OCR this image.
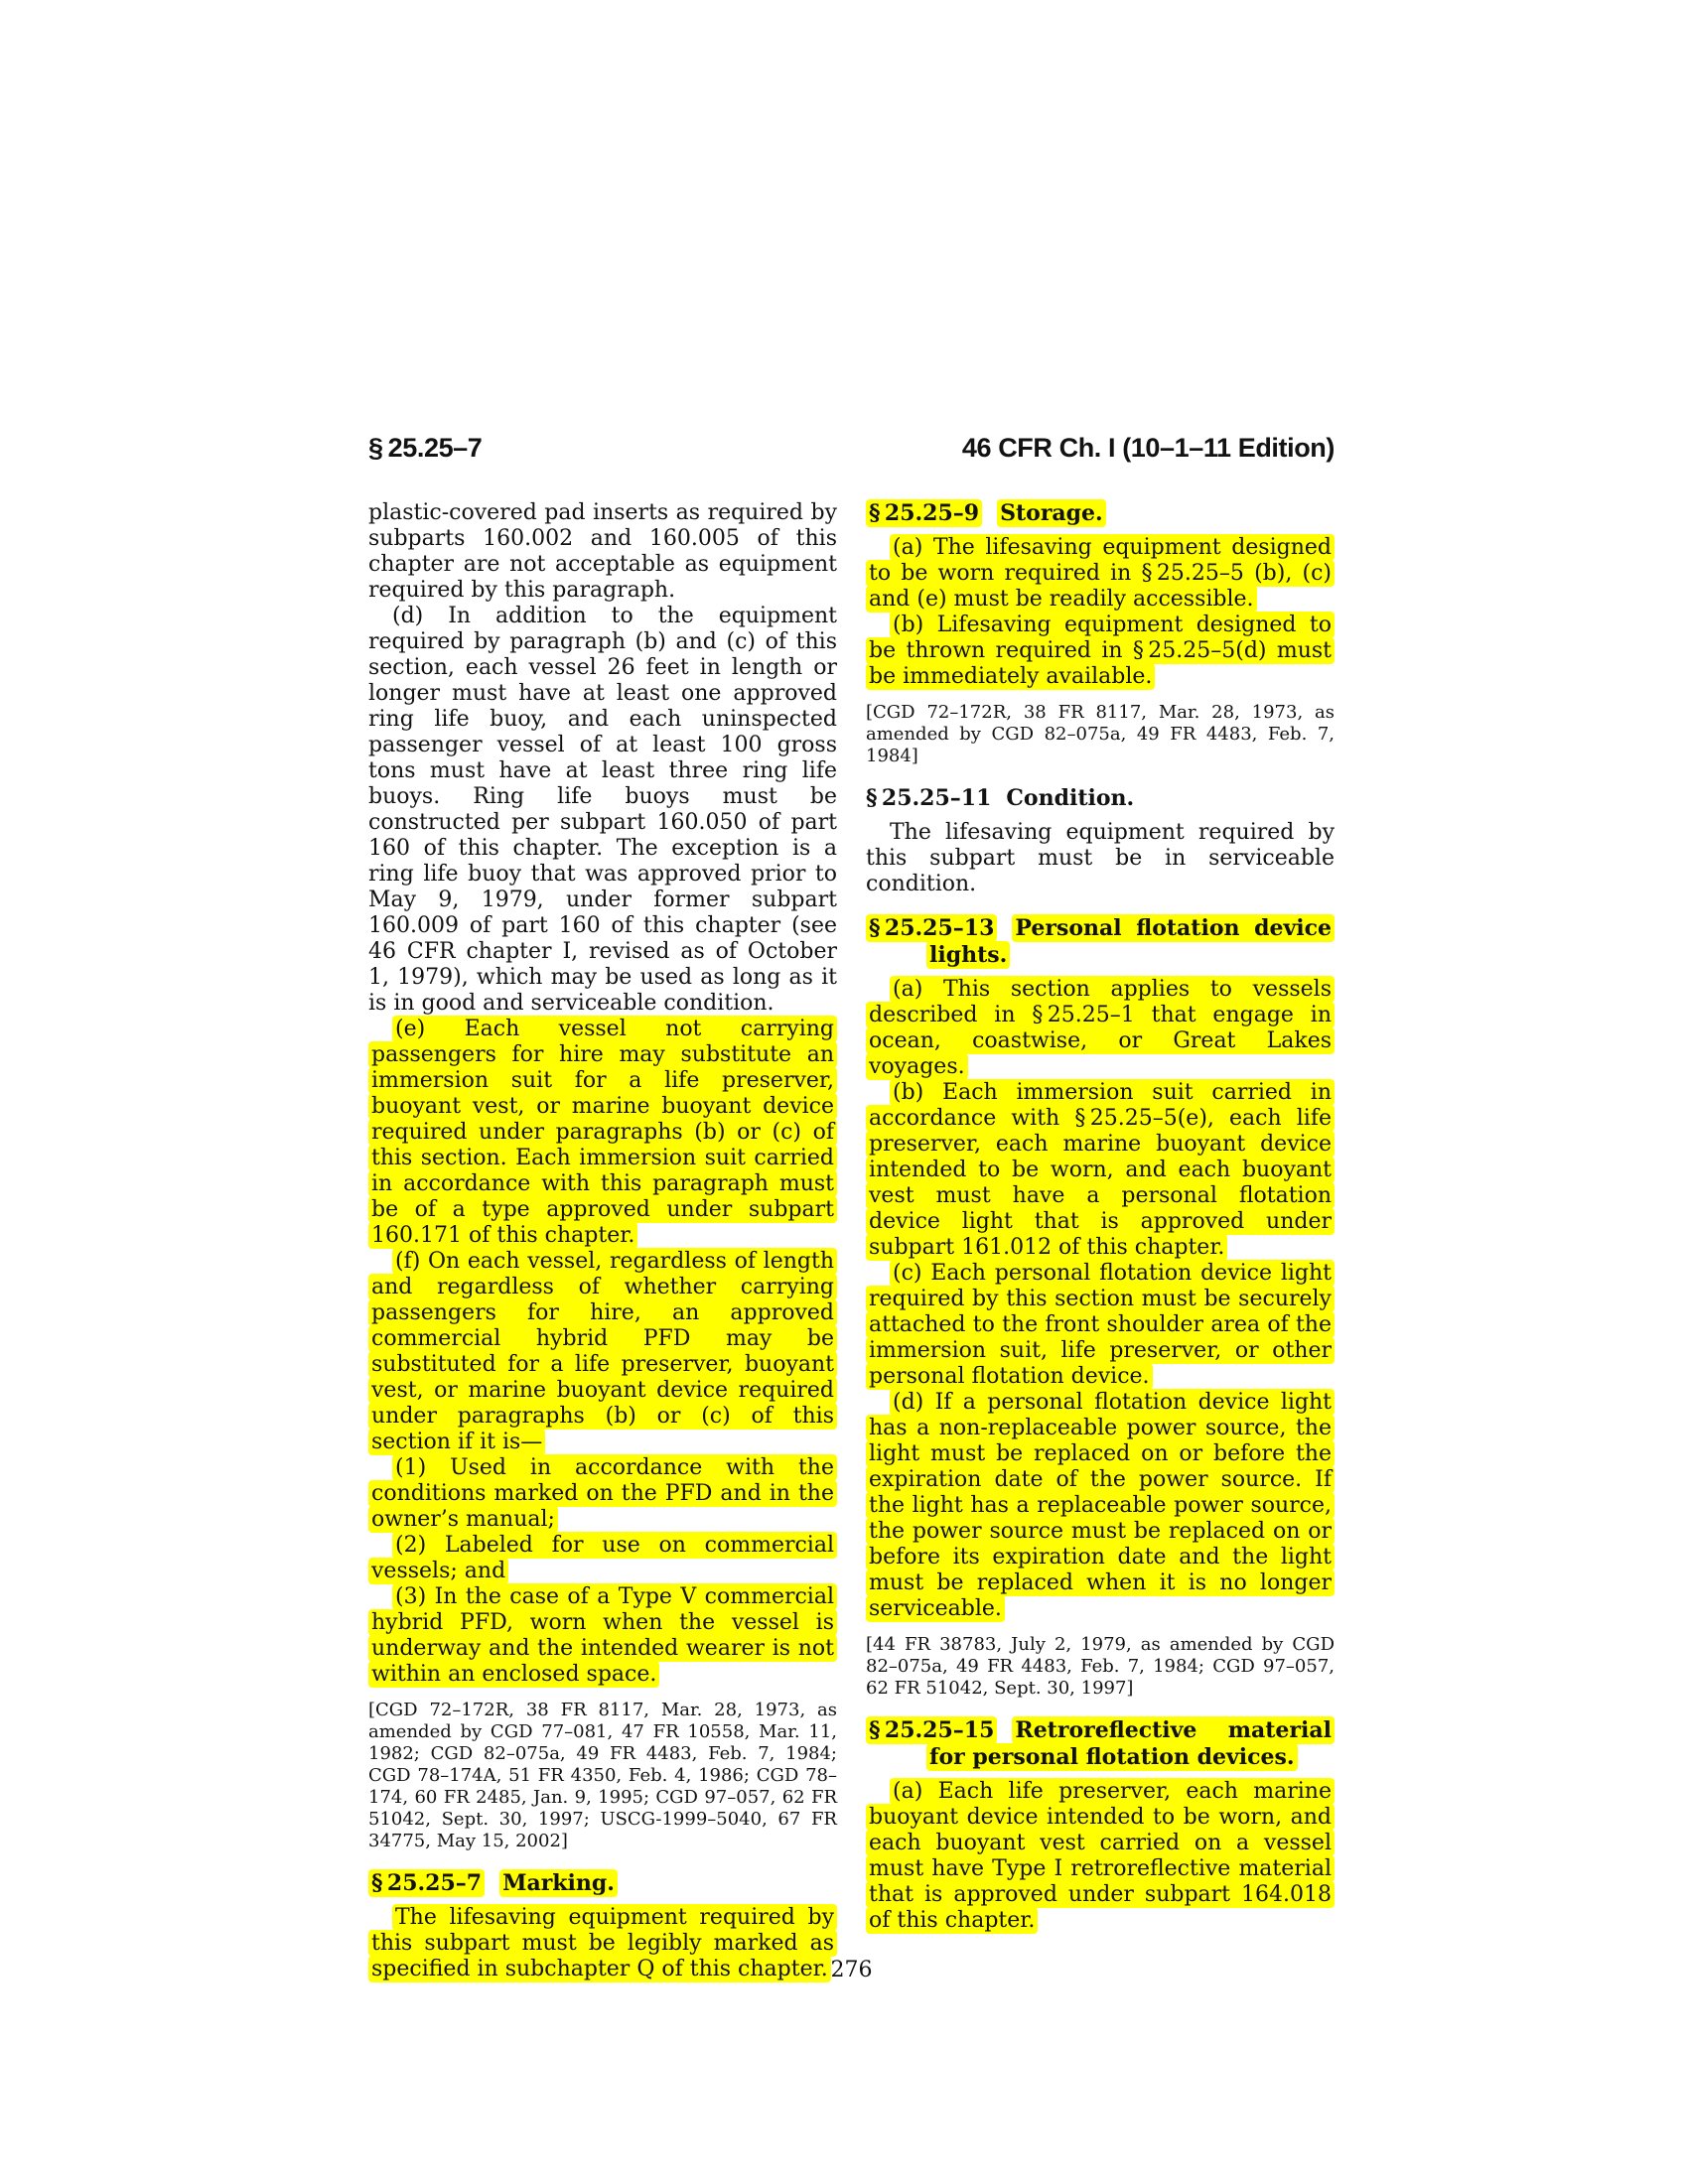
§ 25.25–7	46 CFR Ch. I (10–1–11 Edition)
plastic-covered pad inserts as required by subparts 160.002 and 160.005 of this chapter are not acceptable as equipment required by this paragraph.
(d) In addition to the equipment required by paragraph (b) and (c) of this section, each vessel 26 feet in length or longer must have at least one approved ring life buoy, and each uninspected passenger vessel of at least 100 gross tons must have at least three ring life buoys. Ring life buoys must be constructed per subpart 160.050 of part 160 of this chapter. The exception is a ring life buoy that was approved prior to May 9, 1979, under former subpart 160.009 of part 160 of this chapter (see 46 CFR chapter I, revised as of October 1, 1979), which may be used as long as it is in good and serviceable condition.
(e) Each vessel not carrying passengers for hire may substitute an immersion suit for a life preserver, buoyant vest, or marine buoyant device required under paragraphs (b) or (c) of this section. Each immersion suit carried in accordance with this paragraph must be of a type approved under subpart 160.171 of this chapter.
(f) On each vessel, regardless of length and regardless of whether carrying passengers for hire, an approved commercial hybrid PFD may be substituted for a life preserver, buoyant vest, or marine buoyant device required under paragraphs (b) or (c) of this section if it is—
(1) Used in accordance with the conditions marked on the PFD and in the owner’s manual;
(2) Labeled for use on commercial vessels; and
(3) In the case of a Type V commercial hybrid PFD, worn when the vessel is underway and the intended wearer is not within an enclosed space.
[CGD 72–172R, 38 FR 8117, Mar. 28, 1973, as amended by CGD 77–081, 47 FR 10558, Mar. 11, 1982; CGD 82–075a, 49 FR 4483, Feb. 7, 1984; CGD 78–174A, 51 FR 4350, Feb. 4, 1986; CGD 78–174, 60 FR 2485, Jan. 9, 1995; CGD 97–057, 62 FR 51042, Sept. 30, 1997; USCG-1999–5040, 67 FR 34775, May 15, 2002]
§ 25.25–7 Marking.
The lifesaving equipment required by this subpart must be legibly marked as specified in subchapter Q of this chapter.
§ 25.25–9 Storage.
(a) The lifesaving equipment designed to be worn required in § 25.25–5 (b), (c) and (e) must be readily accessible.
(b) Lifesaving equipment designed to be thrown required in § 25.25–5(d) must be immediately available.
[CGD 72–172R, 38 FR 8117, Mar. 28, 1973, as amended by CGD 82–075a, 49 FR 4483, Feb. 7, 1984]
§ 25.25–11 Condition.
The lifesaving equipment required by this subpart must be in serviceable condition.
§ 25.25–13 Personal flotation device lights.
(a) This section applies to vessels described in § 25.25–1 that engage in ocean, coastwise, or Great Lakes voyages.
(b) Each immersion suit carried in accordance with § 25.25–5(e), each life preserver, each marine buoyant device intended to be worn, and each buoyant vest must have a personal flotation device light that is approved under subpart 161.012 of this chapter.
(c) Each personal flotation device light required by this section must be securely attached to the front shoulder area of the immersion suit, life preserver, or other personal flotation device.
(d) If a personal flotation device light has a non-replaceable power source, the light must be replaced on or before the expiration date of the power source. If the light has a replaceable power source, the power source must be replaced on or before its expiration date and the light must be replaced when it is no longer serviceable.
[44 FR 38783, July 2, 1979, as amended by CGD 82–075a, 49 FR 4483, Feb. 7, 1984; CGD 97–057, 62 FR 51042, Sept. 30, 1997]
§ 25.25–15 Retroreflective material for personal flotation devices.
(a) Each life preserver, each marine buoyant device intended to be worn, and each buoyant vest carried on a vessel must have Type I retroreflective material that is approved under subpart 164.018 of this chapter.
276
